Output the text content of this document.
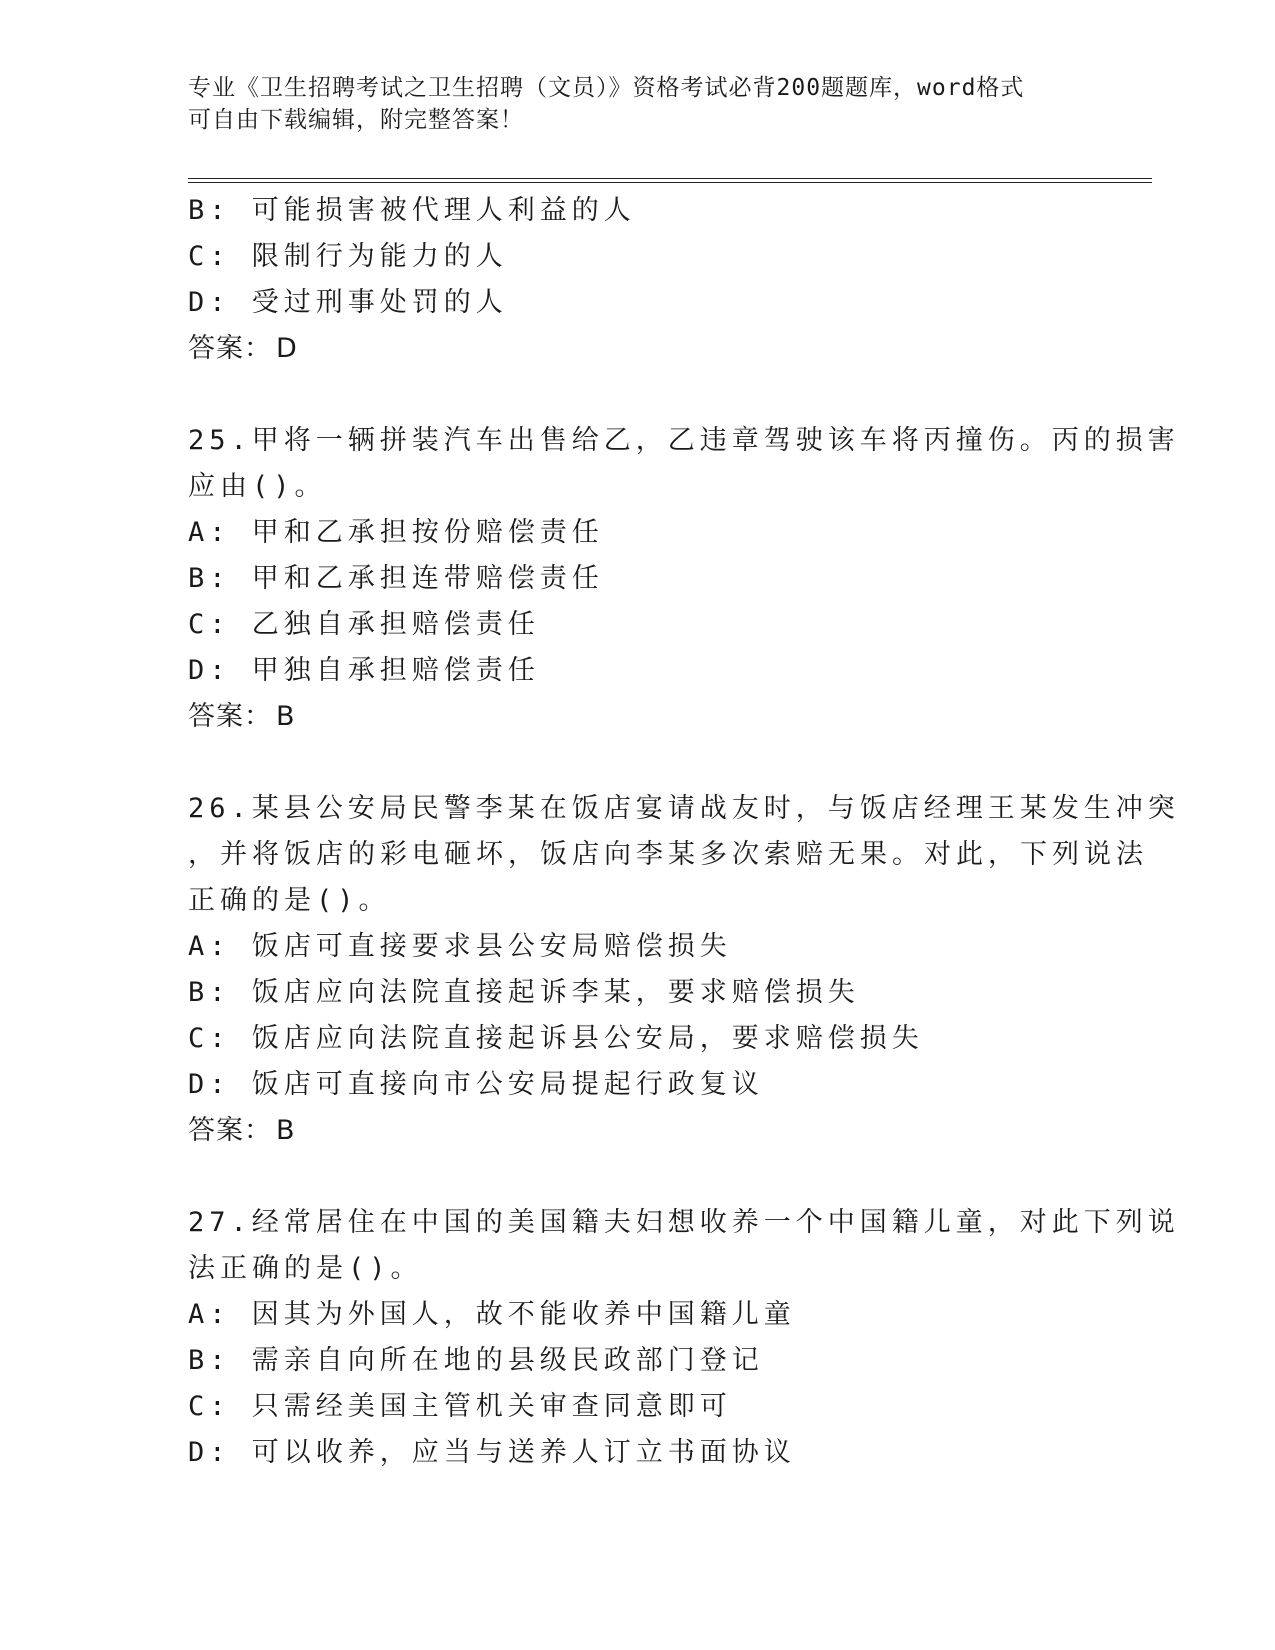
专业《卫生招聘考试之卫生招聘（文员）》资格考试必背200题题库，word格式
可自由下载编辑，附完整答案！
B: 可能损害被代理人利益的人
C: 限制行为能力的人
D: 受过刑事处罚的人
答案： D
25.甲将一辆拼装汽车出售给乙，乙违章驾驶该车将丙撞伤。丙的损害
应由()。
A: 甲和乙承担按份赔偿责任
B: 甲和乙承担连带赔偿责任
C: 乙独自承担赔偿责任
D: 甲独自承担赔偿责任
答案： B
26.某县公安局民警李某在饭店宴请战友时，与饭店经理王某发生冲突
，并将饭店的彩电砸坏，饭店向李某多次索赔无果。对此，下列说法
正确的是()。
A: 饭店可直接要求县公安局赔偿损失
B: 饭店应向法院直接起诉李某，要求赔偿损失
C: 饭店应向法院直接起诉县公安局，要求赔偿损失
D: 饭店可直接向市公安局提起行政复议
答案： B
27.经常居住在中国的美国籍夫妇想收养一个中国籍儿童，对此下列说
法正确的是()。
A: 因其为外国人，故不能收养中国籍儿童
B: 需亲自向所在地的县级民政部门登记
C: 只需经美国主管机关审查同意即可
D: 可以收养，应当与送养人订立书面协议
